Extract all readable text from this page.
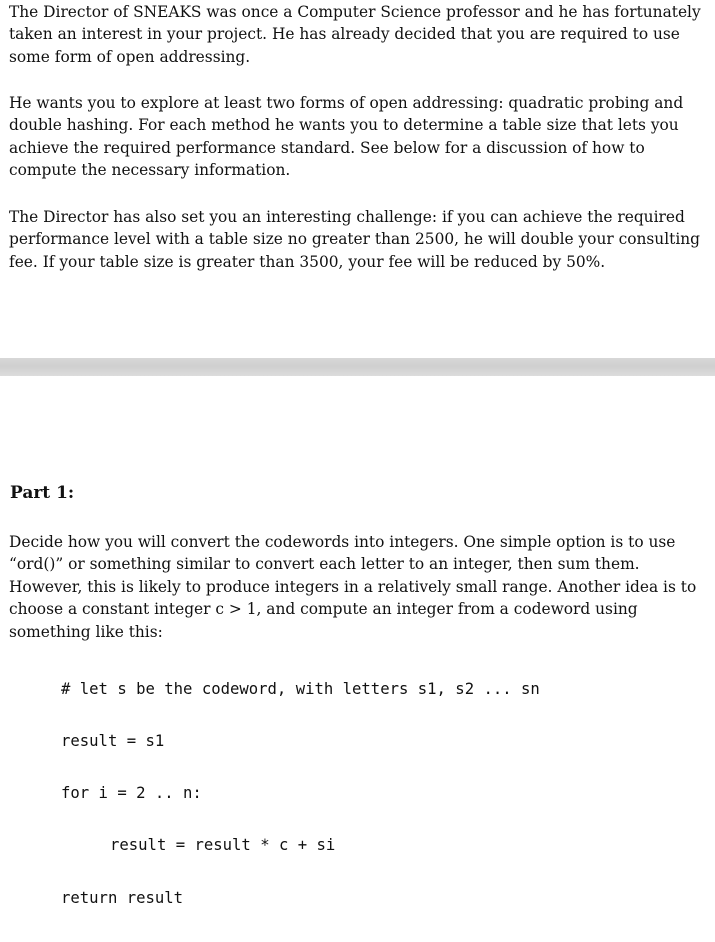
The Director of SNEAKS was once a Computer Science professor and he has fortunately taken an interest in your project. He has already decided that you are required to use some form of open addressing.

He wants you to explore at least two forms of open addressing: quadratic probing and double hashing. For each method he wants you to determine a table size that lets you achieve the required performance standard. See below for a discussion of how to compute the necessary information.

The Director has also set you an interesting challenge: if you can achieve the required performance level with a table size no greater than 2500, he will double your consulting fee. If your table size is greater than 3500, your fee will be reduced by 50%.

Part 1:

Decide how you will convert the codewords into integers. One simple option is to use “ord()” or something similar to convert each letter to an integer, then sum them. However, this is likely to produce integers in a relatively small range. Another idea is to choose a constant integer c > 1, and compute an integer from a codeword using something like this:

# let s be the codeword, with letters s1, s2 ... sn

result = s1

for i = 2 .. n:

result = result * c + si

return result
